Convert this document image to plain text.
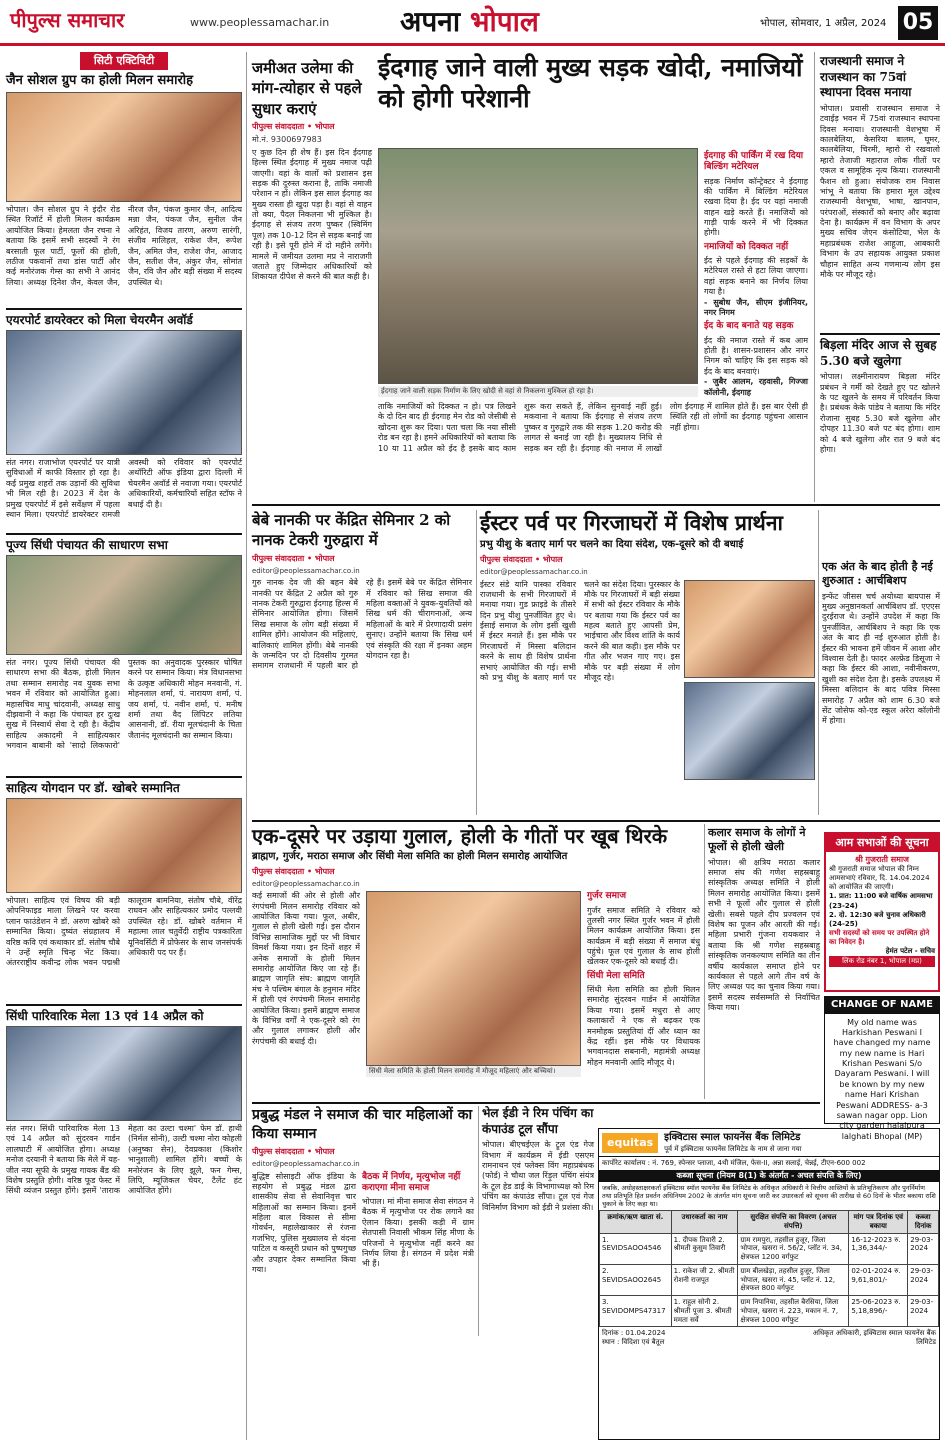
पीपुल्स समाचार	www.peoplessamachar.in	अपना भोपाल	भोपाल, सोमवार, 1 अप्रैल, 2024 05
सिटी एक्टिविटी
जैन सोशल ग्रुप का होली मिलन समारोह
भोपाल। जैन सोशल ग्रुप ने इंदौर रोड स्थित रिजॉर्ट में होली मिलन कार्यक्रम आयोजित किया। हेमलता जैन रचना ने बताया कि इसमें सभी सदस्यों ने रंग बरसाती फूल पार्टी, फूलों की होली, लठीज पकवानों तथा डांस पार्टी और कई मनोरंजक गेम्स का सभी ने आनंद लिया। अध्यक्ष दिनेश जैन, केवल जैन, नीरज जैन, पंकज कुमार जैन, आदित्य मन्ना जैन, पंकज जैन, सुनील जैन अरिहंत, विजय तारण, अरुण सारंगी, संजीव मालिहल, राकेश जैन, रूपेश जैन, अमित जैन, राजेश जैन, आजाद जैन, सतीश जैन, अंकुर जैन, सोमांत जैन, रवि जैन और बड़ी संख्या में सदस्य उपस्थित थे।
एयरपोर्ट डायरेक्टर को मिला चेयरमैन अवॉर्ड
संत नगर। राजाभोज एयरपोर्ट पर यात्री सुविधाओं में काफी विस्तार हो रहा है। कई प्रमुख शहरों तक उड़ानों की सुविधा भी मिल रही है। 2023 में देश के प्रमुख एयरपोर्ट में इसे सर्वेक्षण में पहला स्थान मिला। एयरपोर्ट डायरेक्टर रामजी अवस्थी को रविवार को एयरपोर्ट अथॉरिटी ऑफ इंडिया द्वारा दिल्ली में चेयरमैन अवॉर्ड से नवाजा गया। एयरपोर्ट अधिकारियों, कर्मचारियों सहित स्टॉफ ने बधाई दी है।
पूज्य सिंधी पंचायत की साधारण सभा
संत नगर। पूज्य सिंधी पंचायत की साधारण सभा की बैठक, होली मिलन तथा सम्मान समारोह नव युवक सभा भवन में रविवार को आयोजित हुआ। महासचिव माधु चांदवानी, अध्यक्ष साधु दीझवानी ने कहा कि पंचायत हर दुःख सुख में निस्वार्थ सेवा दे रही है। केंद्रीय साहित्य अकादमी ने साहित्यकार भगवान बाबानी को 'सादो लिकफारो' पुस्तक का अनुवादक पुरस्कार घोषित करने पर सम्मान किया। मंत्र विधानसभा के उत्कृष्ट अधिकारी मोहन मनवानी, गं. मोहनलाल शर्मा, पं. नारायण शर्मा, पं. जय शर्मा, पं. नवीन शर्मा, पं. मनीष शर्मा तथा वैद लिपिटर लतिया आसनानी, डॉ. रीया मूलचंदानी के चिता जैतानंद मूलचंदानी का सम्मान किया।
साहित्य योगदान पर डॉ. खोबरे सम्मानित
भोपाल। साहित्य एवं विषय की बड़ी ओपनिफाइड माला लिखने पर करवा प्लान फाउंडेशन ने डॉ. अरुण खोबरे को सम्मानित किया। दुष्यंत संग्रहालय में वरिष्ठ कवि एवं कथाकार डॉ. संतोष चौबे ने उन्हें स्मृति चिन्ह भेंट किया। अंतरराष्ट्रीय कवीन्द्र लोक भवन पद्मश्री कालूराम बामनिया, संतोष चौबे, वीरेंद्र राघवन और साहित्यकार प्रमोद पल्लवी उपस्थित रहे। डॉ. खोबरे वर्तमान में महात्मा लाल चतुर्वेदी राष्ट्रीय पत्रकारिता यूनिवर्सिटी में प्रोफेसर के साथ जनसंपर्क अधिकारी पद पर हैं।
सिंधी पारिवारिक मेला 13 एवं 14 अप्रैल को
संत नगर। सिंधी पारिवारिक मेला 13 एवं 14 अप्रैल को सुंदरवन गार्डन लालघाटी में आयोजित होगा। अध्यक्ष मनोज दरयानी ने बताया कि मेले में यह-जीत नया सूफी के प्रमुख गायक बैंड की विशेष प्रस्तुति होगी। वरिष्ठ फूड फेस्ट में सिंधी व्यंजन प्रस्तुत होंगे। इसमें 'ताराक मेहता का उल्टा चश्मा' फेम डॉ. हाथी (निर्मल सोनी), उल्टी चश्मा नोरा कोहली (अनुष्का सेन), देवप्रकाश (किशोर भानुशाली) शामिल होंगे। बच्चों के मनोरंजन के लिए झूले, फन गेम्स, लिपि, म्यूजिकल चेयर, टैलेंट हंट आयोजित होंगे।
जमीअत उलेमा की मांग-त्योहार से पहले सुधार कराएं
पीपुल्स संवाददाता • भोपाल
मो.नं. 9300697983
ए कुछ दिन ही शेष हैं। इस दिन ईदगाह हिल्स स्थित ईदगाह में मुख्य नमाज पढ़ी जाएगी। वहां के वालों को प्रशासन इस सड़क की दुरुस्त कराना है, ताकि नमाजी परेशान न हों। लेकिन इस साल ईदगाह का मुख्य रास्ता ही खुदा पड़ा है। वहां से वाहन तो क्या, पैदल निकलना भी मुश्किल है। ईदगाह से संजय तरण पुष्कर (स्विमिंग पूल) तक 10-12 दिन से सड़क बनाई जा रही है। इसे पूरी होने में दो महीने लगेंगे। मामले में जमीयत उलमा मप्र ने नाराजगी जताते हुए जिम्मेदार अधिकारियों को शिकायत दीपेश से करने की बात कही है।
ईदगाह जाने वाली मुख्य सड़क खोदी, नमाजियों को होगी परेशानी
ईदगाह जाने वाली सड़क निर्माण के लिए खोदी से वहां से निकलना मुश्किल हो रहा है।
ताकि नमाजियों को दिक्कत न हो। पत्र लिखने के दो दिन बाद ही ईदगाह मेन रोड को जेसीबी से खोदना शुरू कर दिया। पता चला कि नया सीसी रोड बन रहा है। हमने अधिकारियों को बताया कि 10 या 11 अप्रैल को ईद है इसके बाद काम शुरू करा सकते हैं, लेकिन सुनवाई नहीं हुई। मकवाना ने बताया कि ईदगाह से संजय तरण पुष्कर व गुरुद्वारे तक की सड़क 1.20 करोड़ की लागत से बनाई जा रही है। मुख्यालय निधि से सड़क बन रही है। ईदगाह की नमाज में लाखों लोग ईदगाह में शामिल होते हैं। इस बार ऐसी ही स्थिति रही तो लोगों का ईदगाह पहुंचना आसान नहीं होगा।
ईदगाह की पार्किंग में रख दिया बिल्डिंग मटेरियल
सड़क निर्माण कॉन्ट्रेक्टर ने ईदगाह की पार्किंग में बिल्डिंग मटेरियल रखवा दिया है। ईद पर यहां नमाजी वाहन खड़े करते हैं। नमाजियों को गाड़ी पार्क करने में भी दिक्कत होगी।
नमाजियों को दिक्कत नहीं
ईद से पहले ईदगाह की सड़कों के मटेरियल रास्ते से हटा लिया जाएगा। वहां सड़क बनाने का निर्णय लिया गया है।
- सुबोध जैन, सीएम इंजीनियर, नगर निगम
ईद के बाद बनाते यह सड़क
ईद की नमाज रास्ते में कब आम होती है। शासन-प्रशासन और नगर निगम को चाहिए कि इस सड़क को ईद के बाद बनवाएं।
- जुबैर आलम, रहवासी, गिज्जा कॉलोनी, ईदगाह
राजस्थानी समाज ने राजस्थान का 75वां स्थापना दिवस मनाया
भोपाल। प्रवासी राजस्थान समाज ने टवाईड़ भवन में 75वां राजस्थान स्थापना दिवस मनाया। राजस्थानी वेशभूषा में कालबेलिया, केसरिया बालम, घूमर, कालबेलिया, चिरमी, म्हारो रो रखवालो म्हारो तेजाजी महाराज लोक गीतों पर एकल व सामूहिक नृत्य किया। राजस्थानी फैशन शो हुआ। संयोजक राम निवास भांभू ने बताया कि हमारा मूल उद्देश्य राजस्थानी वेशभूषा, भाषा, खानपान, परंपराओं, संस्कारों को बनाए और बढ़ावा देना है। कार्यक्रम में वन विभाग के अपर मुख्य सचिव जेएन कंसोटिया, भेल के महाप्रबंधक राजेश आहूजा, आबकारी विभाग के उप सहायक आयुक्त प्रकाश चौहान साहित अन्य गणमान्य लोग इस मौके पर मौजूद रहे।
बिड़ला मंदिर आज से सुबह 5.30 बजे खुलेगा
भोपाल। लक्ष्मीनारायण बिड़ला मंदिर प्रबंधन ने गर्मी को देखते हुए पट खोलने के पट खुलने के समय में परिवर्तन किया है। प्रबंधक केके पांडेय ने बताया कि मंदिर रोजाना सुबह 5.30 बजे खुलेगा और दोपहर 11.30 बजे पट बंद होगा। शाम को 4 बजे खुलेगा और रात 9 बजे बंद होगा।
बेबे नानकी पर केंद्रित सेमिनार 2 को नानक टेकरी गुरुद्वारा में
पीपुल्स संवाददाता • भोपाल
editor@peoplessamachar.co.in
गुरु नानक देव जी की बहन बेबे नानकी पर केंद्रित 2 अप्रैल को गुरु नानक टेकरी गुरुद्वारा ईदगाह हिल्स में सेमिनार आयोजित होगा। जिसमें सिख समाज के लोग बड़ी संख्या में शामिल होंगे। आयोजन की महिलाएं, बालिकाएं शामिल होंगी। बेबे नानकी के जन्मदिन पर दो दिवसीय गुरमत समागम राजधानी में पहली बार हो रहे हैं। इसमें बेबे पर केंद्रित सेमिनार में रविवार को सिख समाज की महिला वक्ताओं ने युवक-युवतियों को सिख धर्म की चीरागनाओं, अन्य महिलाओं के बारे में प्रेरणादायी प्रसंग सुनाए। उन्होंने बताया कि सिख धर्म एवं संस्कृति की रक्षा में इनका अहम योगदान रहा है।
ईस्टर पर्व पर गिरजाघरों में विशेष प्रार्थना
प्रभु यीशु के बताए मार्ग पर चलने का दिया संदेश, एक-दूसरे को दी बधाई
पीपुल्स संवाददाता • भोपाल
editor@peoplessamachar.co.in
ईस्टर संडे यानि पास्का रविवार राजधानी के सभी गिरजाघरों में मनाया गया। गुड फ्राइडे के तीसरे दिन प्रभु यीशु पुनर्जीवित हुए थे। ईसाई समाज के लोग इसी खुशी में ईस्टर मनाते हैं। इस मौके पर गिरजाघरों में मिस्सा बलिदान करने के साथ ही विशेष प्रार्थना सभाएं आयोजित की गई। सभी को प्रभु यीशु के बताए मार्ग पर चलने का संदेश दिया। पुरस्कार के मौके पर गिरजाघरों में बड़ी संख्या में सभी को ईस्टर रविवार के मौके पर बताया गया कि ईस्टर पर्व का महत्व बताते हुए आपसी प्रेम, भाईचारा और विश्व शांति के कार्य करने की बात कही। इस मौके पर गीत और भजन गाए गए। इस मौके पर बड़ी संख्या में लोग मौजूद रहे।
एक अंत के बाद होती है नई शुरुआत : आर्चबिशप
इन्फेंट जीसस चर्च अयोध्या बायपास में मुख्य अनुष्ठानकर्ता आर्चबिशप डॉ. एएएस दुरईराज थे। उन्होंने उपदेश में कहा कि पुनर्जीवित, आर्चबिशप ने कहा कि एक अंत के बाद ही नई शुरुआत होती है। ईस्टर की भावना हमें जीवन में आशा और विश्वास देती है। फादर अल्फ्रेड डिसूजा ने कहा कि ईस्टर की आशा, नवीनीकरण, खुशी का संदेश देता है। इसके उपलक्ष्य में मिस्सा बलिदान के बाद पवित्र मिस्सा समारोह 7 अप्रैल को शाम 6.30 बजे सेंट जोसेफ को-एड स्कूल अरेरा कॉलोनी में होगा।
एक-दूसरे पर उड़ाया गुलाल, होली के गीतों पर खूब थिरके
ब्राह्मण, गुर्जर, मराठा समाज और सिंधी मेला समिति का होली मिलन समारोह आयोजित
पीपुल्स संवाददाता • भोपाल
editor@peoplessamachar.co.in
कई समाजों की ओर से होली और रंगपंचमी मिलन समारोह रविवार को आयोजित किया गया। फूल, अबीर, गुलाल से होली खेली गई। इस दौरान विभिन्न सामाजिक मुद्दों पर भी विचार विमर्श किया गया। इन दिनों शहर में अनेक समाजों के होली मिलन समारोह आयोजित किए जा रहे हैं। ब्राह्मण जागृति संघ: ब्राह्मण जागृति मंच ने पश्चिम बंगाल के हनुमान मंदिर में होली एवं रंगपंचमी मिलन समारोह आयोजित किया। इसमें ब्राह्मण समाज के विभिन्न वर्गों ने एक-दूसरे को रंग और गुलाल लगाकर होली और रंगपंचमी की बधाई दी।
सिंधी मेला समिति के होली मिलन समारोह में मौजूद महिलाएं और बच्चियां।
गुर्जर समाज
गुर्जर समाज समिति ने रविवार को तुलसी नगर स्थित गुर्जर भवन में होली मिलन कार्यक्रम आयोजित किया। इस कार्यक्रम में बड़ी संख्या में समाज बंधु पहुंचे। फूल एवं गुलाल के साथ होली खेलकर एक-दूसरे को बधाई दी।
सिंधी मेला समिति
सिंधी मेला समिति का होली मिलन समारोह सुंदरवन गार्डन में आयोजित किया गया। इसमें मधुरा से आए कलाकारों ने एक से बढ़कर एक मनमोहक प्रस्तुतियां दीं और ध्यान का केंद्र रहीं। इस मौके पर विधायक भगवानदास सबनानी, महामंत्री अध्यक्ष मोहन मनवानी आदि मौजूद थे।
कलार समाज के लोगों ने फूलों से होली खेली
भोपाल। श्री क्षत्रिय मराठा कलार समाज संघ की गणेश सहस्रबाहु सांस्कृतिक अध्यक्ष समिति ने होली मिलन समारोह आयोजित किया। इसमें सभी ने फूलों और गुलाल से होली खेली। सबसे पहले दीप प्रज्वलन एवं विशेष का पूजन और आरती की गई। महिला प्रभारी गुंजना रायकवार ने बताया कि श्री गणेश सहस्रबाहु सांस्कृतिक जनकल्याण समिति का तीन वर्षीय कार्यकाल समाप्त होने पर कार्यकाल से पहले आगे तीन वर्ष के लिए अध्यक्ष पद का चुनाव किया गया। इसमें सदस्य सर्वसम्मति से निर्वाचित किया गया।
आम सभाओं की सूचना
श्री गुजराती समाज
श्री गुजराती समाज भोपाल की निम्न आमसभाएं रविवार, दि. 14.04.2024 को आयोजित की जाएगी।
1. प्रात: 11:00 बजे वार्षिक आमसभा (23-24)
2. दो. 12:30 बजे चुनाव अधिकारी (24-25)
सभी सदस्यों को समय पर उपस्थित होने का निवेदन है।
हेमंत पटेल - सचिव
लिंक रोड नंबर 1, भोपाल (मप्र)
CHANGE OF NAME
My old name was Harkishan Peswani I have changed my name my new name is Hari Krishan Peswani S/o Dayaram Peswani. I will be known by my new name Hari Krishan Peswani ADDRESS- a-3 sawan nagar opp. Lion city garden halalpura lalghati Bhopal (MP)
प्रबुद्ध मंडल ने समाज की चार महिलाओं का किया सम्मान
पीपुल्स संवाददाता • भोपाल
editor@peoplessamachar.co.in
बुद्धिष्ट सोसाइटी ऑफ इंडिया के सहयोग से प्रबुद्ध मंडल द्वारा शासकीय सेवा से सेवानिवृत्त चार महिलाओं का सम्मान किया। इनमें महिला बाल विकास से सीमा गोवर्धन, महालेखाकार से रंजना गजभिए, पुलिस मुख्यालय से वंदना पाटिल व कस्तूरी प्रधान को पुष्पगुच्छ और उपहार देकर सम्मानित किया गया।
बैठक में निर्णय, मृत्युभोज नहीं कराएगा मीना समाज
भोपाल। मां मीना समाज सेवा संगठन ने बैठक में मृत्युभोज पर रोक लगाने का ऐलान किया। इसकी कड़ी में ग्राम सेतपासी निवासी भीकम सिंह मीणा के परिजनों ने मृत्युभोज नहीं करने का निर्णय लिया है। संगठन में प्रदेश मंत्री भी हैं।
भेल ईडी ने रिम पंचिंग का कंपाउंड टूल सौंपा
भोपाल। बीएचईएल के ट्रूल एंड गेज विभाग में कार्यक्रम में ईडी एसएम रामनाथन एवं फ्लेक्स विंग महाप्रबंधक (फोर्ड) ने चौथा जल रिंड़ुल पंचिंग संयंत्र के टूल हेड डाई के विभागाध्यक्ष को रिम पंचिंग का कंपाउंड सौंपा। टूल एवं गेज विनिर्माण विभाग को ईडी ने प्रशंसा की।
equitas	इक्विटास स्माल फायनेंस बैंक लिमिटेड
पूर्व में इक्विटास फायनेंस लिमिटेड के नाम से जाना गया
कार्पोरेट कार्यालय : नं. 769, स्पेन्सर प्लाजा, 4थी मंजिल, फेस-II, अन्ना सलाई, चेन्नई, टीएन-600 002
कब्जा सूचना (नियम 8(1) के अंतर्गत - अचल संपत्ति के लिए)
जबकि, अधोहस्ताक्षरकर्ता इक्विटास स्मॉल फायनेंस बैंक लिमिटेड के अधिकृत अधिकारी ने वित्तीय आस्तियों के प्रतिभूतिकरण और पुनर्निर्माण तथा प्रतिभूति हित प्रवर्तन अधिनियम 2002 के अंतर्गत मांग सूचना जारी कर उधारकर्ता को सूचना की तारीख से 60 दिनों के भीतर बकाया राशि चुकाने के लिए कहा था।
क्रमांक/ऋण खाता सं.	उधारकर्ता का नाम	सुरक्षित संपत्ति का विवरण (अचल संपत्ति)	मांग पत्र दिनांक एवं बकाया	कब्जा दिनांक
1. SEVIDSAOO4546	1. दीपक तिवारी 2. श्रीमती कुसुम तिवारी	ग्राम रामपुरा, तहसील हुजूर, जिला भोपाल, खसरा नं. 56/2, प्लॉट नं. 34, क्षेत्रफल 1200 वर्गफुट	16-12-2023 रु. 1,36,344/-	29-03-2024
2. SEVIDSAOO2645	1. राकेश जी 2. श्रीमती रोशनी राजपूत	ग्राम बीलखेड़ा, तहसील हुजूर, जिला भोपाल, खसरा नं. 45, प्लॉट नं. 12, क्षेत्रफल 800 वर्गफुट	02-01-2024 रु. 9,61,801/-	29-03-2024
3. SEVIDOMPS47317	1. राहुल सोनी 2. श्रीमती पूजा 3. श्रीमती ममता सर्वे	ग्राम निपानिया, तहसील बैरसिया, जिला भोपाल, खसरा नं. 223, मकान नं. 7, क्षेत्रफल 1000 वर्गफुट	25-06-2023 रु. 5,18,896/-	29-03-2024
दिनांक : 01.04.2024
स्थान : विदिशा एवं बैतूल
अधिकृत अधिकारी, इक्विटास स्माल फायनेंस बैंक लिमिटेड
